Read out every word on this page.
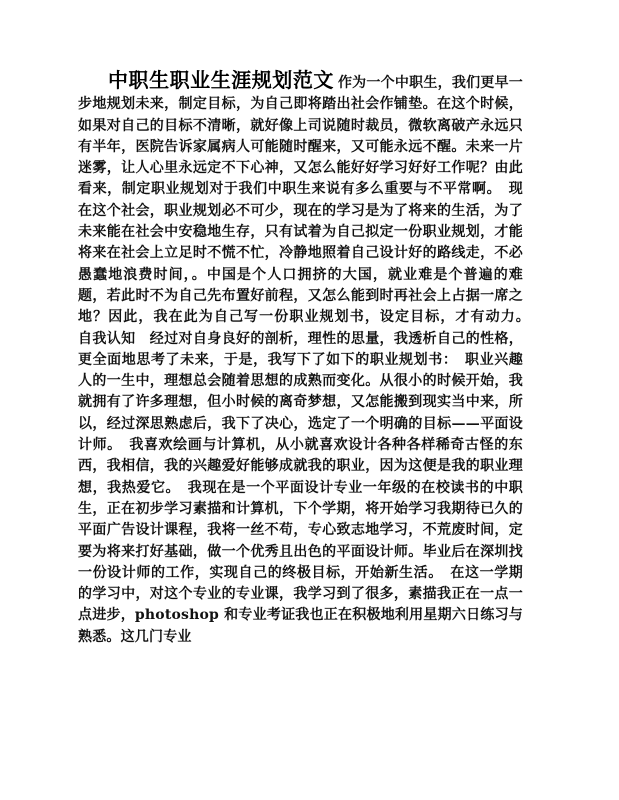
中职生职业生涯规划范文 作为一个中职生，我们更早一步地规划未来，制定目标，为自己即将踏出社会作铺垫。在这个时候，如果对自己的目标不清晰，就好像上司说随时裁员，微软离破产永远只有半年，医院告诉家属病人可能随时醒来，又可能永远不醒。未来一片迷雾，让人心里永远定不下心神，又怎么能好好学习好好工作呢？由此看来，制定职业规划对于我们中职生来说有多么重要与不平常啊。　现在这个社会，职业规划必不可少，现在的学习是为了将来的生活，为了未来能在社会中安稳地生存，只有试着为自己拟定一份职业规划，才能将来在社会上立足时不慌不忙，冷静地照着自己设计好的路线走，不必愚蠢地浪费时间，。中国是个人口拥挤的大国，就业难是个普遍的难题，若此时不为自己先布置好前程，又怎么能到时再社会上占据一席之地？因此，我在此为自己写一份职业规划书，设定目标，才有动力。　自我认知　经过对自身良好的剖析，理性的思量，我透析自己的性格，更全面地思考了未来，于是，我写下了如下的职业规划书：　职业兴趣　人的一生中，理想总会随着思想的成熟而变化。从很小的时候开始，我就拥有了许多理想，但小时候的离奇梦想，又怎能搬到现实当中来，所以，经过深思熟虑后，我下了决心，选定了一个明确的目标——平面设计师。　我喜欢绘画与计算机，从小就喜欢设计各种各样稀奇古怪的东西，我相信，我的兴趣爱好能够成就我的职业，因为这便是我的职业理想，我热爱它。　我现在是一个平面设计专业一年级的在校读书的中职生，正在初步学习素描和计算机，下个学期，将开始学习我期待已久的平面广告设计课程，我将一丝不苟，专心致志地学习，不荒废时间，定要为将来打好基础，做一个优秀且出色的平面设计师。毕业后在深圳找一份设计师的工作，实现自己的终极目标，开始新生活。　在这一学期的学习中，对这个专业的专业课，我学习到了很多，素描我正在一点一点进步，photoshop 和专业考证我也正在积极地利用星期六日练习与熟悉。这几门专业
